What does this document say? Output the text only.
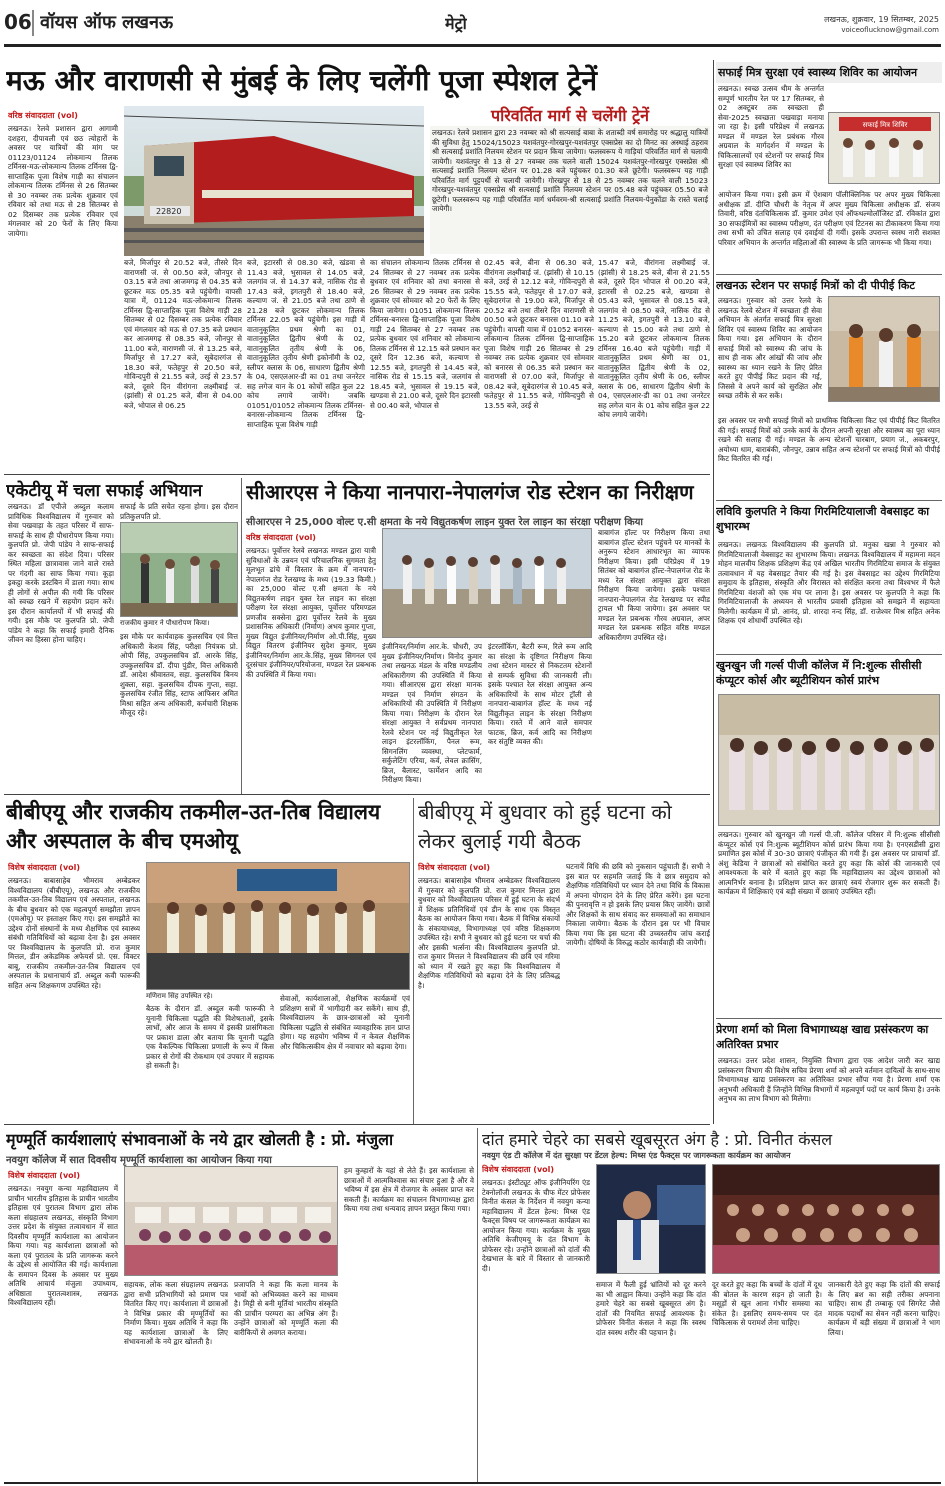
06 वॉयस ऑफ लखनऊ	मेट्रो	लखनऊ, शुक्रवार, 19 सितम्बर, 2025
voiceoflucknow@gmail.com
मऊ और वाराणसी से मुंबई के लिए चलेंगी पूजा स्पेशल ट्रेनें
वरिष्ठ संवाददाता (vol)
लखनऊ। रेलवे प्रशासन द्वारा आगामी दशहरा, दीपावली एवं छठ त्योहारों के अवसर पर यात्रियों की मांग पर 01123/01124 लोकमान्य तिलक टर्मिनस-मऊ-लोकमान्य तिलक टर्मिनस द्वि-साप्ताहिक पूजा विशेष गाड़ी का संचालन लोकमान्य तिलक टर्मिनस से 26 सितम्बर से 30 नवम्बर तक प्रत्येक शुक्रवार एवं रविवार को तथा मऊ से 28 सितम्बर से 02 दिसम्बर तक प्रत्येक रविवार एवं मंगलवार को 20 फेरों के लिए किया जायेगा।
22820
परिवर्तित मार्ग से चलेंगी ट्रेनें
लखनऊ। रेलवे प्रशासन द्वारा 23 नवम्बर को श्री सत्यसाई बाबा के शताब्दी वर्ष समारोह पर श्रद्धालु यात्रियों की सुविधा हेतु 15024/15023 यशवंतपुर-गोरखपुर-यशवंतपुर एक्सप्रेस का दो मिनट का अस्थाई ठहराव श्री सत्यसाई प्रशांति निलयम स्टेशन पर प्रदान किया जायेगा। फलस्वरूप ये गाड़ियां परिवर्तित मार्ग से चलायी जायेगी। यशवंतपुर से 13 से 27 नवम्बर तक चलने वाली 15024 यशवंतपुर-गोरखपुर एक्सप्रेस श्री सत्यसाई प्रशांति निलयम स्टेशन पर 01.28 बजे पहुंचकर 01.30 बजे छूटेगी। फलस्वरूप यह गाड़ी परिवर्तित मार्ग पुट्टपर्थी से चलायी जायेगी। गोरखपुर से 18 से 25 नवम्बर तक चलने वाली 15023 गोरखपुर-यशवंतपुर एक्सप्रेस श्री सत्यसाई प्रशांति निलयम स्टेशन पर 05.48 बजे पहुंचकर 05.50 बजे छूटेगी। फलस्वरूप यह गाड़ी परिवर्तित मार्ग धर्मवरम-श्री सत्यसाई प्रशांति निलयम-पेनुकोंडा के रास्ते चलाई जायेगी।
बजे, मिर्जापुर से 20.52 बजे, तीसरे दिन वाराणसी जं. से 00.50 बजे, जौनपुर से 03.15 बजे तथा आजमगढ़ से 04.35 बजे छूटकर मऊ 05.35 बजे पहुंचेगी। वापसी यात्रा में, 01124 मऊ-लोकमान्य तिलक टर्मिनस द्वि-साप्ताहिक पूजा विशेष गाड़ी 28 सितम्बर से 02 दिसम्बर तक प्रत्येक रविवार एवं मंगलवार को मऊ से 07.35 बजे प्रस्थान कर आजमगढ़ से 08.35 बजे, जौनपुर से 11.00 बजे, वाराणसी जं. से 13.25 बजे, मिर्जापुर से 17.27 बजे, सूबेदारगंज से 18.30 बजे, फतेहपुर से 20.50 बजे, गोविन्दपुरी से 21.55 बजे, उरई से 23.57 बजे, दूसरे दिन वीरांगना लक्ष्मीबाई जं. (झांसी) से 01.25 बजे, बीना से 04.00 बजे, भोपाल से 06.25
बजे, इटारसी से 08.30 बजे, खंडवा से 11.43 बजे, भुसावल से 14.05 बजे, जलगांव जं. से 14.37 बजे, नासिक रोड से 17.43 बजे, इगतपुरी से 18.40 बजे, कल्याण जं. से 21.05 बजे तथा ठाणे से 21.28 बजे छूटकर लोकमान्य तिलक टर्मिनस 22.05 बजे पहुंचेगी। इस गाड़ी में वातानुकूलित प्रथम श्रेणी का 01, वातानुकूलित द्वितीय श्रेणी के 02, वातानुकूलित तृतीय श्रेणी के 06, वातानुकूलित तृतीय श्रेणी इकोनॉमी के 02, स्लीपर क्लास के 06, साधारण द्वितीय श्रेणी के 04, एसएलआर-डी का 01 तथा जनरेटर सह लगेज यान के 01 कोचों सहित कुल 22 कोच लगाये जायेंगे। जबकि 01051/01052 लोकमान्य तिलक टर्मिनस-बनारस-लोकमान्य तिलक टर्मिनस द्वि-साप्ताहिक पूजा विशेष गाड़ी
का संचालन लोकमान्य तिलक टर्मिनस से 24 सितम्बर से 27 नवम्बर तक प्रत्येक बुधवार एवं शनिवार को तथा बनारस से 26 सितम्बर से 29 नवम्बर तक प्रत्येक शुक्रवार एवं सोमवार को 20 फेरों के लिए किया जायेगा। 01051 लोकमान्य तिलक टर्मिनस-बनारस द्वि-साप्ताहिक पूजा विशेष गाड़ी 24 सितम्बर से 27 नवम्बर तक प्रत्येक बुधवार एवं शनिवार को लोकमान्य तिलक टर्मिनस से 12.15 बजे प्रस्थान कर दूसरे दिन 12.36 बजे, कल्याण से 12.55 बजे, इगतपुरी से 14.45 बजे, नासिक रोड से 15.15 बजे, जलगांव से 18.45 बजे, भुसावल से 19.15 बजे, खण्डवा से 21.00 बजे, दूसरे दिन इटारसी से 00.40 बजे, भोपाल से
02.45 बजे, बीना से 06.30 बजे, वीरांगना लक्ष्मीबाई जं. (झांसी) से 10.15 बजे, उरई से 12.12 बजे, गोविन्दपुरी से 15.55 बजे, फतेहपुर से 17.07 बजे, सूबेदारगंज से 19.00 बजे, मिर्जापुर से 20.52 बजे तथा तीसरे दिन वाराणसी से 00.50 बजे छूटकर बनारस 01.10 बजे पहुंचेगी। वापसी यात्रा में 01052 बनारस-लोकमान्य तिलक टर्मिनस द्वि-साप्ताहिक पूजा विशेष गाड़ी 26 सितम्बर से 29 नवम्बर तक प्रत्येक शुक्रवार एवं सोमवार को बनारस से 06.35 बजे प्रस्थान कर वाराणसी से 07.00 बजे, मिर्जापुर से 08.42 बजे, सूबेदारगंज से 10.45 बजे, फतेहपुर से 11.55 बजे, गोविन्दपुरी से 13.55 बजे, उरई से
15.47 बजे, वीरांगना लक्ष्मीबाई जं. (झांसी) से 18.25 बजे, बीना से 21.55 बजे, दूसरे दिन भोपाल से 00.20 बजे, इटारसी से 02.25 बजे, खण्डवा से 05.43 बजे, भुसावल से 08.15 बजे, जलगांव से 08.50 बजे, नासिक रोड से 11.25 बजे, इगतपुरी से 13.10 बजे, कल्याण से 15.00 बजे तथा ठाणे से 15.20 बजे छूटकर लोकमान्य तिलक टर्मिनस 16.40 बजे पहुंचेगी। गाड़ी में वातानुकूलित प्रथम श्रेणी का 01, वातानुकूलित द्वितीय श्रेणी के 02, वातानुकूलित तृतीय श्रेणी के 06, स्लीपर क्लास के 06, साधारण द्वितीय श्रेणी के 04, एसएलआर-डी का 01 तथा जनरेटर सह लगेज यान के 01 कोच सहित कुल 22 कोच लगाये जायेंगे।
एकेटीयू में चला सफाई अभियान
लखनऊ। डॉ एपीजे अब्दुल कलाम प्राविधिक विश्वविद्यालय में गुरुवार को सेवा पखवाड़ा के तहत परिसर में साफ-सफाई के साथ ही पौधारोपण किया गया। कुलपति प्रो. जेपी पांडेय ने साफ-सफाई कर स्वच्छता का संदेश दिया। परिसर स्थित महिला छात्रावास जाने वाले रास्ते पर गंदगी का साफ किया गया। कूड़ा इकट्ठा करके डस्टबिन में डाला गया। साथ ही लोगों से अपील की गयी कि परिसर को स्वच्छ रखने में सहयोग प्रदान करें। इस दौरान कार्यालयों में भी सफाई की गयी। इस मौके पर कुलपति प्रो. जेपी पांडेय ने कहा कि सफाई हमारी दैनिक जीवन का हिस्सा होना चाहिए।
सफाई के प्रति सचेत रहना होगा। इस दौरान प्रतिकुलपति प्रो.
राजकीय कुमार ने पौधारोपण किया।
इस मौके पर कार्यवाहक कुलसचिव एवं वित्त अधिकारी केशव सिंह, परीक्षा नियंत्रक प्रो. ओपी सिंह, उपकुलसचिव डॉ. आरके सिंह, उपकुलसचिव डॉ. दीपा पुंडीर, वित्त अधिकारी डॉ. आदेश श्रीवास्तव, सहा. कुलसचिव बिनय शुक्ला, सहा. कुलसचिव दीपक गुप्ता, सहा. कुलसचिव रंजीत सिंह, स्टाफ आफिसर अमित मिश्रा सहित अन्य अधिकारी, कर्मचारी शिक्षक मौजूद रहे।
सीआरएस ने किया नानपारा-नेपालगंज रोड स्टेशन का निरीक्षण
सीआरएस ने 25,000 वोल्ट ए.सी क्षमता के नये विद्युतकर्षण लाइन युक्त रेल लाइन का संरक्षा परीक्षण किया
वरिष्ठ संवाददाता (vol)
लखनऊ। पूर्वोत्तर रेलवे लखनऊ मण्डल द्वारा यात्री सुविधाओं के उन्नयन एवं परिचालनिक सुगमता हेतु मूलभूत ढांचे में विस्तार के क्रम में नानपारा-नेपालगंज रोड रेलखण्ड के मध्य (19.33 किमी.) का 25,000 वोल्ट ए.सी क्षमता के नये विद्युतकर्षण लाइन युक्त रेल लाइन का संरक्षा परीक्षण रेल संरक्षा आयुक्त, पूर्वोत्तर परिमण्डल प्रणजीव सक्सेना द्वारा पूर्वोत्तर रेलवे के मुख्य प्रशासनिक अधिकारी (निर्माण) अभय कुमार गुप्ता, मुख्य विद्युत इंजीनियर/निर्माण ओ.पी.सिंह, मुख्य विद्युत वितरण इंजीनियर सुदेश कुमार, मुख्य इंजीनियर/निर्माण आर.के.सिंह, मुख्य सिगनल एवं दूरसंचार इंजीनियर/परियोजना, मण्डल रेल प्रबन्धक की उपस्थिति में किया गया।
इंजीनियर/निर्माण आर.के. चौधरी, उप मुख्य इंजीनियर/निर्माण। विनोद कुमार तथा लखनऊ मंडल के वरिष्ठ मण्डलीय अधिकारीगण की उपस्थिति में किया गया। सीआरएस द्वारा संरक्षा मानक मण्डल एवं निर्माण संगठन के अधिकारियों की उपस्थिति में निरीक्षण किया गया। निरीक्षण के दौरान रेल संरक्षा आयुक्त ने सर्वप्रथम नानपारा रेलवे स्टेशन पर नई विद्युतीकृत रेल लाइन इंटरलॉकिंग, पैनल रूम, सिगनलिंग व्यवस्था, प्लेटफार्म, सर्कुलेटिंग एरिया, कर्व, लेवल क्रासिंग, ब्रिज, बैलास्ट, फार्मेशन आदि का निरीक्षण किया।
इंटरलॉकिंग, बैटरी रूम, रिले रूम आदि का संरक्षा के दृष्टिगत निरीक्षण किया तथा स्टेशन मास्टर से निकटतम स्टेशनों से सम्पर्क सुविधा की जानकारी ली। इसके पश्चात रेल संरक्षा आयुक्त अन्य अधिकारियों के साथ मोटर ट्रॉली से नानपारा-बाबागंज हॉल्ट के मध्य नई विद्युतीकृत लाइन के संरक्षा निरीक्षण किया। रास्ते में आने वाले समपार फाटक, ब्रिज, कर्व आदि का निरीक्षण कर संतुष्टि व्यक्त की।
बाबागंज हॉल्ट पर निरीक्षण किया तथा बाबागंज हॉल्ट स्टेशन पहुंचने पर मानकों के अनुरूप स्टेशन आधारभूत का व्यापक निरीक्षण किया। इसी परिप्रेक्ष्य में 19 सितंबर को बाबागंज हॉल्ट-नेपालगंज रोड के मध्य रेल संरक्षा आयुक्त द्वारा संरक्षा निरीक्षण किया जायेगा। इसके पश्चात नानपारा-नेपालगंज रोड रेलखण्ड पर स्पीड ट्रायल भी किया जायेगा। इस अवसर पर मण्डल रेल प्रबन्धक गौरव अग्रवाल, अपर मण्डल रेल प्रबन्धक सहित वरिष्ठ मण्डल अधिकारीगण उपस्थित रहे।
बीबीएयू और राजकीय तकमील-उत-तिब विद्यालय और अस्पताल के बीच एमओयू
विशेष संवाददाता (vol)
लखनऊ। बाबासाहेब भीमराव अम्बेडकर विश्वविद्यालय (बीबीएयू), लखनऊ और राजकीय तकमील-उत-तिब विद्यालय एवं अस्पताल, लखनऊ के बीच बुधवार को एक महत्वपूर्ण समझौता ज्ञापन (एमओयू) पर हस्ताक्षर किए गए। इस समझौते का उद्देश्य दोनों संस्थानों के मध्य शैक्षणिक एवं स्वास्थ्य संबंधी गतिविधियों को बढ़ावा देना है। इस अवसर पर विश्वविद्यालय के कुलपति प्रो. राज कुमार मित्तल, डीन अकेडमिक अफेयर्स प्रो. एस. विक्टर बाबू, राजकीय तकमील-उत-तिब विद्यालय एवं अस्पताल के प्रधानाचार्य डॉ. अब्दुल कवी फारूकी सहित अन्य शिक्षकगण उपस्थित रहे।
मणिराम सिंह उपस्थित रहे।
बैठक के दौरान डॉ. अब्दुल कवी फारूकी ने यूनानी चिकित्सा पद्धति की विशेषताओं, इसके लाभों, और आज के समय में इसकी प्रासंगिकता पर प्रकाश डाला और बताया कि यूनानी पद्धति एक वैकल्पिक चिकित्सा प्रणाली के रूप में किस प्रकार से रोगों की रोकथाम एवं उपचार में सहायक हो सकती है।
सेवाओं, कार्यशालाओं, शैक्षणिक कार्यक्रमों एवं प्रशिक्षण सत्रों में भागीदारी कर सकेंगे। साथ ही, विश्वविद्यालय के छात्र-छात्राओं को यूनानी चिकित्सा पद्धति से संबंधित व्यावहारिक ज्ञान प्राप्त होगा। यह सहयोग भविष्य में न केवल शैक्षणिक और चिकित्सकीय क्षेत्र में नवाचार को बढ़ावा देगा।
बीबीएयू में बुधवार को हुई घटना को लेकर बुलाई गयी बैठक
विशेष संवाददाता (vol)
लखनऊ। बाबासाहेब भीमराव अम्बेडकर विश्वविद्यालय में गुरुवार को कुलपति प्रो. राज कुमार मित्तल द्वारा बुधवार को विश्वविद्यालय परिसर में हुई घटना के संदर्भ में शिक्षक प्रतिनिधियों एवं डीन के साथ एक विस्तृत बैठक का आयोजन किया गया। बैठक में विभिन्न संकायों के संकायाध्यक्ष, विभागाध्यक्ष एवं वरिष्ठ शिक्षकगण उपस्थित रहे। सभी ने बुधवार को हुई घटना पर चर्चा की और इसकी भर्त्सना की। विश्वविद्यालय कुलपति प्रो. राज कुमार मित्तल ने विश्वविद्यालय की छवि एवं गरिमा को ध्यान में रखते हुए कहा कि विश्वविद्यालय में शैक्षणिक गतिविधियों को बढ़ावा देने के लिए प्रतिबद्ध है।
घटनायें विधि की छवि को नुकसान पहुंचाती हैं। सभी ने इस बात पर सहमति जताई कि वे छात्र समुदाय को शैक्षणिक गतिविधियों पर ध्यान देने तथा विधि के विकास में अपना योगदान देने के लिए प्रेरित करेंगे। इस घटना की पुनरावृत्ति न हो इसके लिए प्रयास किए जायेंगे। छात्रों और शिक्षकों के साथ संवाद कर समस्याओं का समाधान निकाला जायेगा। बैठक के दौरान इस पर भी विचार किया गया कि इस घटना की उच्चस्तरीय जांच कराई जायेगी। दोषियों के विरुद्ध कठोर कार्यवाही की जायेगी।
मृण्मूर्ति कार्यशालाएं संभावनाओं के नये द्वार खोलती है : प्रो. मंजुला
नवयुग कॉलेज में सात दिवसीय मृण्मूर्ति कार्यशाला का आयोजन किया गया
विशेष संवाददाता (vol)
लखनऊ। नवयुग कन्या महाविद्यालय में प्राचीन भारतीय इतिहास के प्राचीन भारतीय इतिहास एवं पुरातत्व विभाग द्वारा लोक कला संग्रहालय लखनऊ, संस्कृति विभाग उत्तर प्रदेश के संयुक्त तत्वावधान में सात दिवसीय मृण्मूर्ति कार्यशाला का आयोजन किया गया। यह कार्यशाला छात्राओं को कला एवं पुरातत्व के प्रति जागरूक करने के उद्देश्य से आयोजित की गई। कार्यशाला के समापन दिवस के अवसर पर मुख्य अतिथि आचार्य मंजुला उपाध्याय, अधिष्ठाता पुरातत्वशास्त्र, लखनऊ विश्वविद्यालय रहीं।
सहायक, लोक कला संग्रहालय लखनऊ द्वारा सभी प्रतिभागियों को प्रमाण पत्र वितरित किए गए। कार्यशाला में छात्राओं ने विभिन्न प्रकार की मृण्मूर्तियों का निर्माण किया। मुख्य अतिथि ने कहा कि यह कार्यशाला छात्राओं के लिए संभावनाओं के नये द्वार खोलती है।
प्रजापति ने कहा कि कला मानव के भावों को अभिव्यक्त करने का माध्यम है। मिट्टी से बनी मूर्तियां भारतीय संस्कृति की प्राचीन परम्परा का अभिन्न अंग हैं। उन्होंने छात्राओं को मृण्मूर्ति कला की बारीकियों से अवगत कराया।
हम कुम्हारों के यहां से लेते हैं। इस कार्यशाला से छात्राओं में आत्मविश्वास का संचार हुआ है और वे भविष्य में इस क्षेत्र में रोजगार के अवसर प्राप्त कर सकती हैं। कार्यक्रम का संचालन विभागाध्यक्ष द्वारा किया गया तथा धन्यवाद ज्ञापन प्रस्तुत किया गया।
दांत हमारे चेहरे का सबसे खूबसूरत अंग है : प्रो. विनीत कंसल
नवयुग एंड टी कॉलेज में दंत सुरक्षा पर डेंटल हेल्थ: मिथ्स एंड फैक्ट्स पर जागरूकता कार्यक्रम का आयोजन
विशेष संवाददाता (vol)
लखनऊ। इंस्टीट्यूट ऑफ इंजीनियरिंग एंड टेक्नोलॉजी लखनऊ के चीफ मेंटर प्रोफेसर विनीत कंसल के निर्देशन में नवयुग कन्या महाविद्यालय में डेंटल हेल्थ: मिथ्स एंड फैक्ट्स विषय पर जागरूकता कार्यक्रम का आयोजन किया गया। कार्यक्रम के मुख्य अतिथि केजीएमयू के दंत विभाग के प्रोफेसर रहे। उन्होंने छात्राओं को दांतों की देखभाल के बारे में विस्तार से जानकारी दी।
समाज में फैली हुई भ्रांतियों को दूर करने का भी आह्वान किया। उन्होंने कहा कि दांत हमारे चेहरे का सबसे खूबसूरत अंग है। दांतों की नियमित सफाई आवश्यक है। प्रोफेसर विनीत कंसल ने कहा कि स्वस्थ दांत स्वस्थ शरीर की पहचान है।
दूर करते हुए कहा कि बच्चों के दांतों में दूध की बोतल के कारण सड़न हो जाती है। मसूड़ों से खून आना गंभीर समस्या का संकेत है। इसलिए समय-समय पर दंत चिकित्सक से परामर्श लेना चाहिए।
जानकारी देते हुए कहा कि दांतों की सफाई के लिए ब्रश का सही तरीका अपनाना चाहिए। साथ ही तम्बाकू एवं सिगरेट जैसे मादक पदार्थों का सेवन नहीं करना चाहिए। कार्यक्रम में बड़ी संख्या में छात्राओं ने भाग लिया।
सफाई मित्र सुरक्षा एवं स्वास्थ्य शिविर का आयोजन
लखनऊ। स्वच्छ उत्सव थीम के अन्तर्गत सम्पूर्ण भारतीय रेल पर 17 सितम्बर, से 02 अक्टूबर तक स्वच्छता ही सेवा-2025 स्वच्छता पखवाड़ा मनाया जा रहा है। इसी परिप्रेक्ष्य में लखनऊ मण्डल में मण्डल रेल प्रबंधक गौरव अग्रवाल के मार्गदर्शन में मण्डल के चिकित्सालयों एवं स्टेशनों पर सफाई मित्र सुरक्षा एवं स्वास्थ्य शिविर का
सफाई मित्र शिविर
आयोजन किया गया। इसी क्रम में ऐशबाग पॉलीक्लिनिक पर अपर मुख्य चिकित्सा अधीक्षक डॉ. दीप्ति चौधरी के नेतृत्व में अपर मुख्य चिकित्सा अधीक्षक डॉ. संजय तिवारी, वरिष्ठ दंतचिकित्सक डॉ. कुमार उमेश एवं ऑफथल्मोलॉजिस्ट डॉ. रविकांत द्वारा 30 सफाईमित्रों का स्वास्थ्य परीक्षण, दंत परीक्षण एवं टिटनस का टीकाकरण किया गया तथा सभी को उचित सलाह एवं दवाईयां दी गयीं। इसके उपरान्त स्वस्थ नारी सशक्त परिवार अभियान के अन्तर्गत महिलाओं की स्वास्थ्य के प्रति जागरूक भी किया गया।
लखनऊ स्टेशन पर सफाई मित्रों को दी पीपीई किट
लखनऊ। गुरुवार को उत्तर रेलवे के लखनऊ रेलवे स्टेशन में स्वच्छता ही सेवा अभियान के अंतर्गत सफाई मित्र सुरक्षा शिविर एवं स्वास्थ्य शिविर का आयोजन किया गया। इस अभियान के दौरान सफाई मित्रों को स्वास्थ्य की जांच के साथ ही नाक और आंखों की जांच और स्वास्थ्य का ध्यान रखने के लिए प्रेरित करते हुए पीपीई किट प्रदान की गई, जिससे वे अपने कार्य को सुरक्षित और स्वच्छ तरीके से कर सकें।
इस अवसर पर सभी सफाई मित्रों को प्राथमिक चिकित्सा किट एवं पीपीई किट वितरित की गई। सफाई मित्रों को उनके कार्य के दौरान अपनी सुरक्षा और स्वास्थ्य का पूरा ध्यान रखने की सलाह दी गई। मण्डल के अन्य स्टेशनों चारबाग, प्रयाग जं., अकबरपुर, अयोध्या धाम, बाराबंकी, जौनपुर, उन्नाव सहित अन्य स्टेशनों पर सफाई मित्रों को पीपीई किट वितरित की गई।
लविवि कुलपति ने किया गिरमिटियालाजी वेबसाइट का शुभारम्भ
लखनऊ। लखनऊ विश्वविद्यालय की कुलपति प्रो. मनुका खन्ना ने गुरुवार को गिरमिटियालाजी वेबसाइट का शुभारम्भ किया। लखनऊ विश्वविद्यालय में महामना मदन मोहन मालवीय शिक्षक प्रशिक्षण केंद्र एवं अखिल भारतीय गिरमिटिया समाज के संयुक्त तत्वावधान में यह वेबसाइट तैयार की गई है। इस वेबसाइट का उद्देश्य गिरमिटिया समुदाय के इतिहास, संस्कृति और विरासत को संरक्षित करना तथा विश्वभर में फैले गिरमिटिया वंशजों को एक मंच पर लाना है। इस अवसर पर कुलपति ने कहा कि गिरमिटियालाजी के अध्ययन से भारतीय प्रवासी इतिहास को समझने में सहायता मिलेगी। कार्यक्रम में प्रो. आनंद, प्रो. शारदा नन्द सिंह, डॉ. राजेश्वर मिश्र सहित अनेक शिक्षक एवं शोधार्थी उपस्थित रहे।
खुनखुन जी गर्ल्स पीजी कॉलेज में नि:शुल्क सीसीसी कंप्यूटर कोर्स और ब्यूटीशियन कोर्स प्रारंभ
लखनऊ। गुरुवार को खुनखुन जी गर्ल्स पी.जी. कॉलेज परिसर में नि:शुल्क सीसीसी कंप्यूटर कोर्स एवं नि:शुल्क ब्यूटीशियन कोर्स प्रारंभ किया गया है। एनएसडीसी द्वारा प्रमाणित इस कोर्स में 30-30 छात्राएं पंजीकृत की गयी हैं। इस अवसर पर प्राचार्या डॉ. अंशु केडिया ने छात्राओं को संबोधित करते हुए कहा कि कोर्स की जानकारी एवं आवश्यकता के बारे में बताते हुए कहा कि महाविद्यालय का उद्देश्य छात्राओं को आत्मनिर्भर बनाना है। प्रशिक्षण प्राप्त कर छात्राएं स्वयं रोजगार शुरू कर सकती हैं। कार्यक्रम में शिक्षिकाएं एवं बड़ी संख्या में छात्राएं उपस्थित रहीं।
प्रेरणा शर्मा को मिला विभागाध्यक्ष खाद्य प्रसंस्करण का अतिरिक्त प्रभार
लखनऊ। उत्तर प्रदेश शासन, नियुक्ति विभाग द्वारा एक आदेश जारी कर खाद्य प्रसंस्करण विभाग की विशेष सचिव प्रेरणा शर्मा को अपने वर्तमान दायित्वों के साथ-साथ विभागाध्यक्ष खाद्य प्रसंस्करण का अतिरिक्त प्रभार सौंपा गया है। प्रेरणा शर्मा एक अनुभवी अधिकारी हैं जिन्होंने विभिन्न विभागों में महत्वपूर्ण पदों पर कार्य किया है। उनके अनुभव का लाभ विभाग को मिलेगा।
